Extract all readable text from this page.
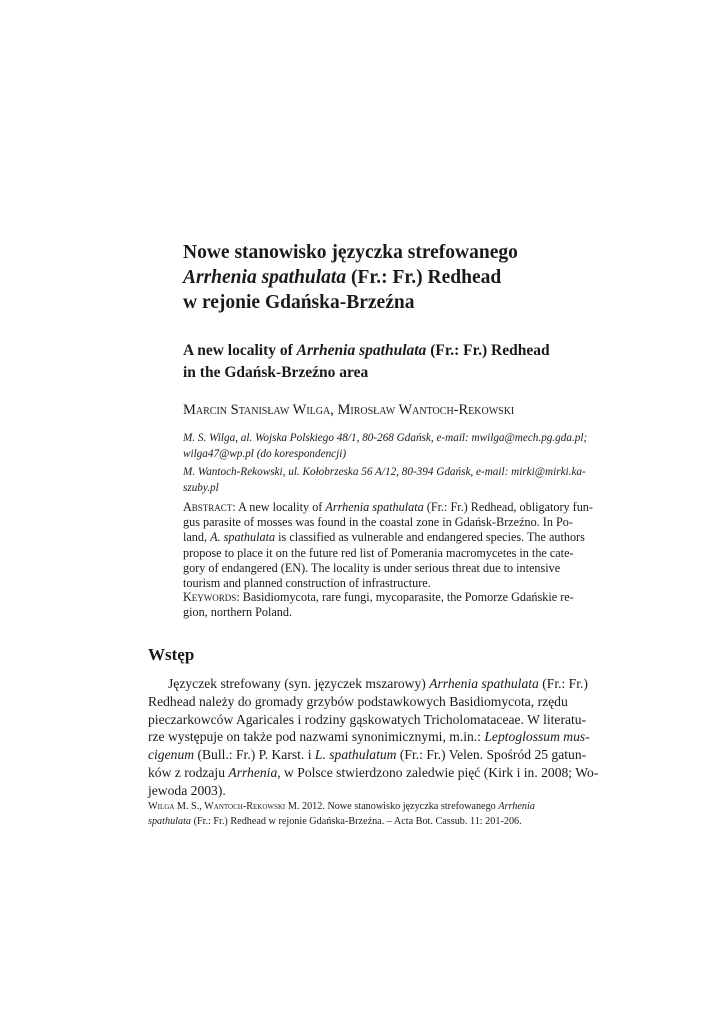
Nowe stanowisko języczka strefowanego

Arrhenia spathulata (Fr.: Fr.) Redhead

w rejonie Gdańska-Brzeźna

A new locality of Arrhenia spathulata (Fr.: Fr.) Redhead

in the Gdańsk-Brzeźno area

Marcin Stanisław Wilga, Mirosław Wantoch-Rekowski

M. S. Wilga, al. Wojska Polskiego 48/1, 80-268 Gdańsk, e-mail: mwilga@mech.pg.gda.pl;

wilga47@wp.pl (do korespondencji)

M. Wantoch-Rekowski, ul. Kołobrzeska 56 A/12, 80-394 Gdańsk, e-mail: mirki@mirki.ka-

szuby.pl

Abstract: A new locality of Arrhenia spathulata (Fr.: Fr.) Redhead, obligatory fun-

gus parasite of mosses was found in the coastal zone in Gdańsk-Brzeźno. In Po-

land, A. spathulata is classified as vulnerable and endangered species. The authors

propose to place it on the future red list of Pomerania macromycetes in the cate-

gory of endangered (EN). The locality is under serious threat due to intensive

tourism and planned construction of infrastructure.

Keywords: Basidiomycota, rare fungi, mycoparasite, the Pomorze Gdańskie re-

gion, northern Poland.

Wstęp

Języczek strefowany (syn. języczek mszarowy) Arrhenia spathulata (Fr.: Fr.)

Redhead należy do gromady grzybów podstawkowych Basidiomycota, rzędu

pieczarkowców Agaricales i rodziny gąskowatych Tricholomataceae. W literatu-

rze występuje on także pod nazwami synonimicznymi, m.in.: Leptoglossum mus-

cigenum (Bull.: Fr.) P. Karst. i L. spathulatum (Fr.: Fr.) Velen. Spośród 25 gatun-

ków z rodzaju Arrhenia, w Polsce stwierdzono zaledwie pięć (Kirk i in. 2008; Wo-

jewoda 2003).

Wilga M. S., Wantoch-Rekowski M. 2012. Nowe stanowisko języczka strefowanego Arrhenia

spathulata (Fr.: Fr.) Redhead w rejonie Gdańska-Brzeźna. – Acta Bot. Cassub. 11: 201-206.
